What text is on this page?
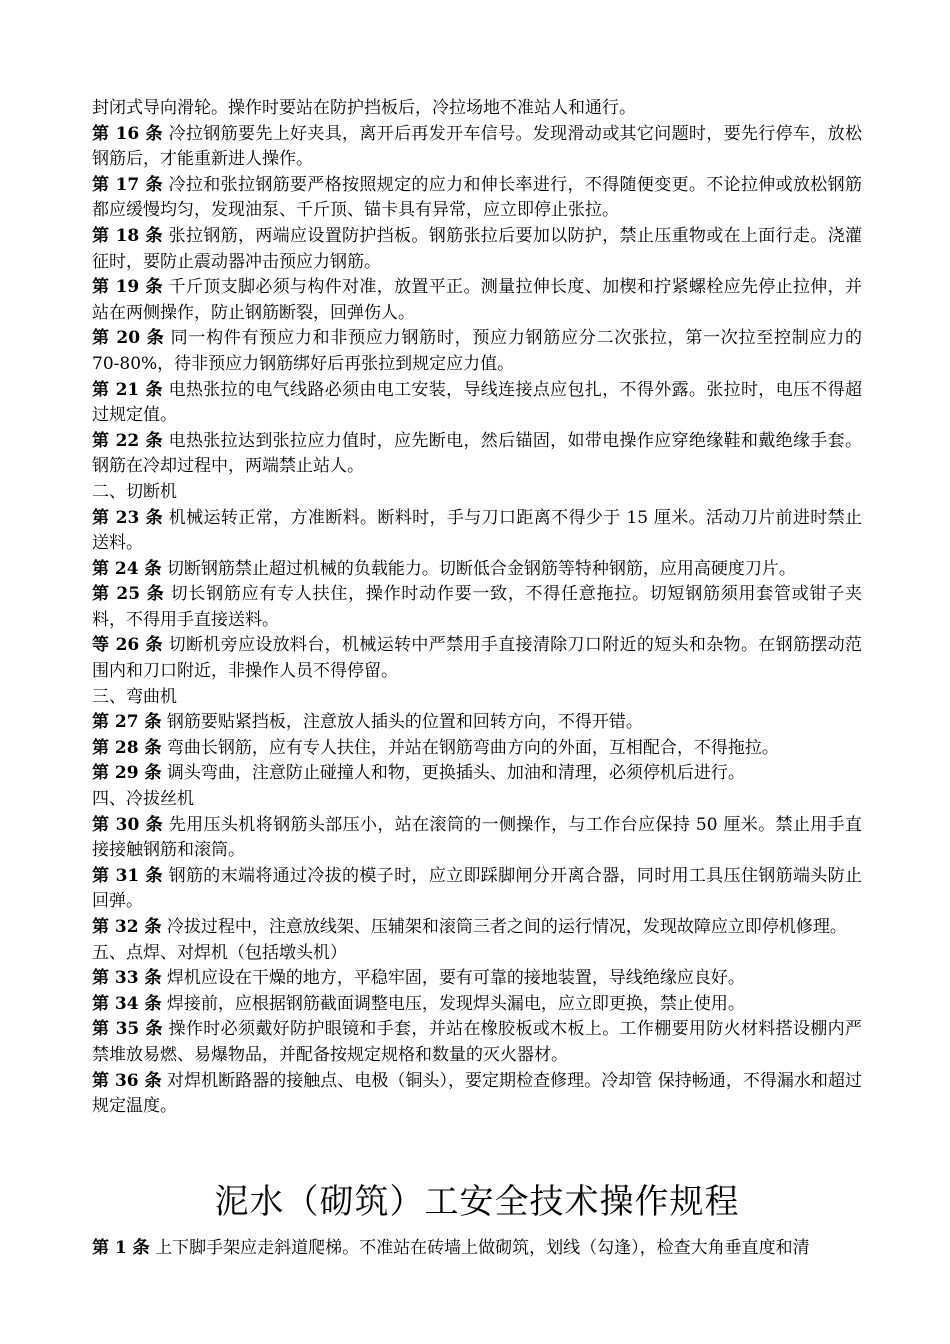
封闭式导向滑轮。操作时要站在防护挡板后，冷拉场地不准站人和通行。

第 16 条 冷拉钢筋要先上好夹具，离开后再发开车信号。发现滑动或其它问题时，要先行停车，放松钢筋后，才能重新进人操作。

第 17 条 冷拉和张拉钢筋要严格按照规定的应力和伸长率进行，不得随便变更。不论拉伸或放松钢筋都应缓慢均匀，发现油泵、千斤顶、锚卡具有异常，应立即停止张拉。

第 18 条 张拉钢筋，两端应设置防护挡板。钢筋张拉后要加以防护，禁止压重物或在上面行走。浇灌征时，要防止震动器冲击预应力钢筋。

第 19 条 千斤顶支脚必须与构件对准，放置平正。测量拉伸长度、加楔和拧紧螺栓应先停止拉伸，并站在两侧操作，防止钢筋断裂，回弹伤人。

第 20 条 同一构件有预应力和非预应力钢筋时，预应力钢筋应分二次张拉，第一次拉至控制应力的 70-80%，待非预应力钢筋绑好后再张拉到规定应力值。

第 21 条 电热张拉的电气线路必须由电工安装，导线连接点应包扎，不得外露。张拉时，电压不得超过规定值。

第 22 条 电热张拉达到张拉应力值时，应先断电，然后锚固，如带电操作应穿绝缘鞋和戴绝缘手套。钢筋在冷却过程中，两端禁止站人。

二、切断机

第 23 条 机械运转正常，方准断料。断料时，手与刀口距离不得少于 15 厘米。活动刀片前进时禁止送料。

第 24 条 切断钢筋禁止超过机械的负载能力。切断低合金钢筋等特种钢筋，应用高硬度刀片。

第 25 条 切长钢筋应有专人扶住，操作时动作要一致，不得任意拖拉。切短钢筋须用套管或钳子夹料，不得用手直接送料。

等 26 条 切断机旁应设放料台，机械运转中严禁用手直接清除刀口附近的短头和杂物。在钢筋摆动范围内和刀口附近，非操作人员不得停留。

三、弯曲机

第 27 条 钢筋要贴紧挡板，注意放人插头的位置和回转方向，不得开错。

第 28 条 弯曲长钢筋，应有专人扶住，并站在钢筋弯曲方向的外面，互相配合，不得拖拉。

第 29 条 调头弯曲，注意防止碰撞人和物，更换插头、加油和清理，必须停机后进行。

四、冷拔丝机

第 30 条 先用压头机将钢筋头部压小，站在滚筒的一侧操作，与工作台应保持 50 厘米。禁止用手直接接触钢筋和滚筒。

第 31 条 钢筋的末端将通过冷拔的模子时，应立即踩脚闸分开离合器，同时用工具压住钢筋端头防止回弹。

第 32 条 冷拔过程中，注意放线架、压辅架和滚筒三者之间的运行情况，发现故障应立即停机修理。

五、点焊、对焊机（包括墩头机）

第 33 条 焊机应设在干燥的地方，平稳牢固，要有可靠的接地装置，导线绝缘应良好。

第 34 条 焊接前，应根据钢筋截面调整电压，发现焊头漏电，应立即更换，禁止使用。

第 35 条 操作时必须戴好防护眼镜和手套，并站在橡胶板或木板上。工作棚要用防火材料搭设棚内严禁堆放易燃、易爆物品，并配备按规定规格和数量的灭火器材。

第 36 条 对焊机断路器的接触点、电极（铜头），要定期检查修理。冷却管 保持畅通，不得漏水和超过规定温度。

泥水（砌筑）工安全技术操作规程

第 1 条 上下脚手架应走斜道爬梯。不准站在砖墙上做砌筑，划线（勾逢），检查大角垂直度和清
